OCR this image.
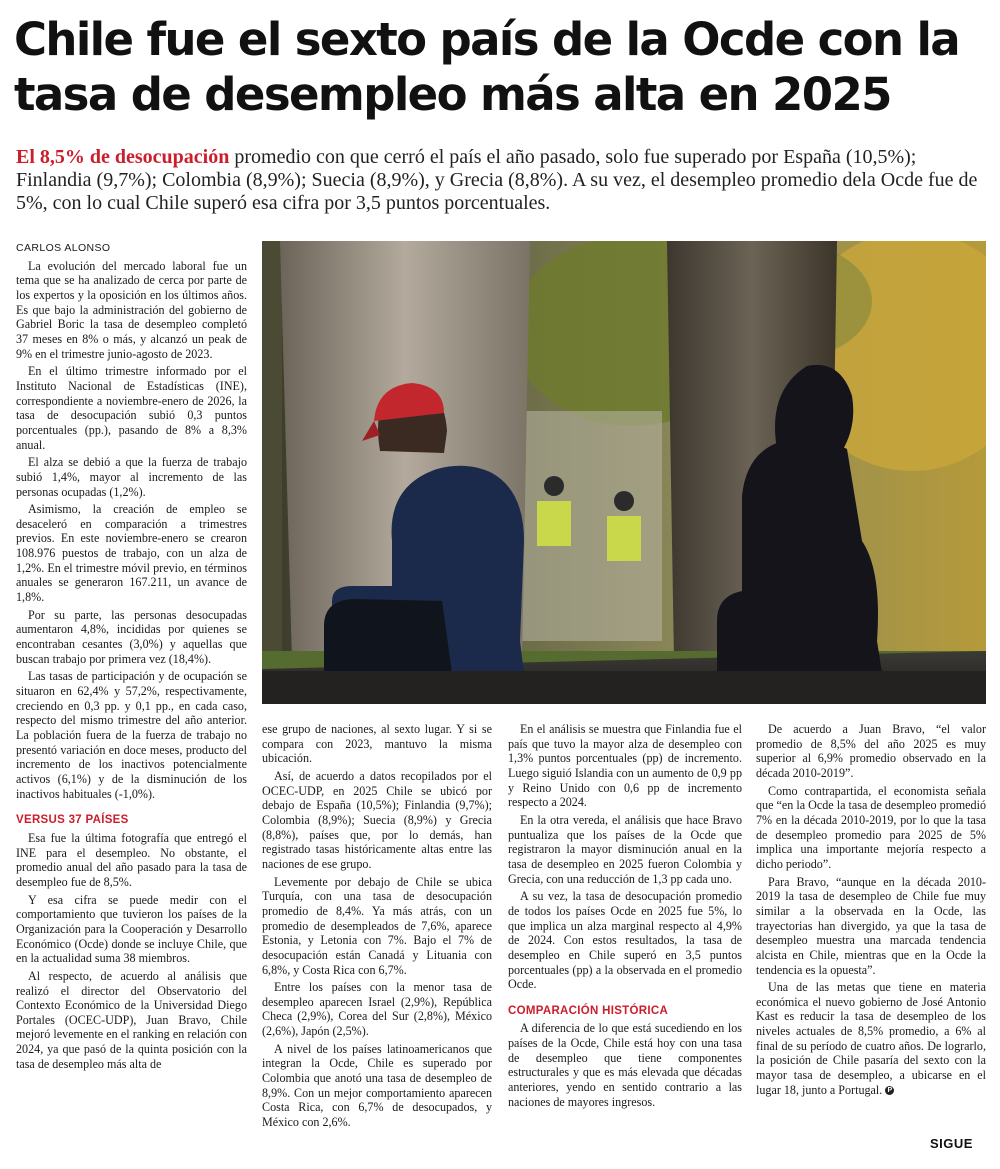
Chile fue el sexto país de la Ocde con la tasa de desempleo más alta en 2025

El 8,5% de desocupación promedio con que cerró el país el año pasado, solo fue superado por España (10,5%); Finlandia (9,7%); Colombia (8,9%); Suecia (8,9%), y Grecia (8,8%). A su vez, el desempleo promedio dela Ocde fue de 5%, con lo cual Chile superó esa cifra por 3,5 puntos porcentuales.

CARLOS ALONSO

La evolución del mercado laboral fue un tema que se ha analizado de cerca por parte de los expertos y la oposición en los últimos años. Es que bajo la administración del gobierno de Gabriel Boric la tasa de desempleo completó 37 meses en 8% o más, y alcanzó un peak de 9% en el trimestre junio-agosto de 2023.

En el último trimestre informado por el Instituto Nacional de Estadísticas (INE), correspondiente a noviembre-enero de 2026, la tasa de desocupación subió 0,3 puntos porcentuales (pp.), pasando de 8% a 8,3% anual.

El alza se debió a que la fuerza de trabajo subió 1,4%, mayor al incremento de las personas ocupadas (1,2%).

Asimismo, la creación de empleo se desaceleró en comparación a trimestres previos. En este noviembre-enero se crearon 108.976 puestos de trabajo, con un alza de 1,2%. En el trimestre móvil previo, en términos anuales se generaron 167.211, un avance de 1,8%.

Por su parte, las personas desocupadas aumentaron 4,8%, incididas por quienes se encontraban cesantes (3,0%) y aquellas que buscan trabajo por primera vez (18,4%).

Las tasas de participación y de ocupación se situaron en 62,4% y 57,2%, respectivamente, creciendo en 0,3 pp. y 0,1 pp., en cada caso, respecto del mismo trimestre del año anterior. La población fuera de la fuerza de trabajo no presentó variación en doce meses, producto del incremento de los inactivos potencialmente activos (6,1%) y de la disminución de los inactivos habituales (-1,0%).

VERSUS 37 PAÍSES

Esa fue la última fotografía que entregó el INE para el desempleo. No obstante, el promedio anual del año pasado para la tasa de desempleo fue de 8,5%.

Y esa cifra se puede medir con el comportamiento que tuvieron los países de la Organización para la Cooperación y Desarrollo Económico (Ocde) donde se incluye Chile, que en la actualidad suma 38 miembros.

Al respecto, de acuerdo al análisis que realizó el director del Observatorio del Contexto Económico de la Universidad Diego Portales (OCEC-UDP), Juan Bravo, Chile mejoró levemente en el ranking en relación con 2024, ya que pasó de la quinta posición con la tasa de desempleo más alta de

ese grupo de naciones, al sexto lugar. Y si se compara con 2023, mantuvo la misma ubicación.

Así, de acuerdo a datos recopilados por el OCEC-UDP, en 2025 Chile se ubicó por debajo de España (10,5%); Finlandia (9,7%); Colombia (8,9%); Suecia (8,9%) y Grecia (8,8%), países que, por lo demás, han registrado tasas históricamente altas entre las naciones de ese grupo.

Levemente por debajo de Chile se ubica Turquía, con una tasa de desocupación promedio de 8,4%. Ya más atrás, con un promedio de desempleados de 7,6%, aparece Estonia, y Letonia con 7%. Bajo el 7% de desocupación están Canadá y Lituania con 6,8%, y Costa Rica con 6,7%.

Entre los países con la menor tasa de desempleo aparecen Israel (2,9%), República Checa (2,9%), Corea del Sur (2,8%), México (2,6%), Japón (2,5%).

A nivel de los países latinoamericanos que integran la Ocde, Chile es superado por Colombia que anotó una tasa de desempleo de 8,9%. Con un mejor comportamiento aparecen Costa Rica, con 6,7% de desocupados, y México con 2,6%.

En el análisis se muestra que Finlandia fue el país que tuvo la mayor alza de desempleo con 1,3% puntos porcentuales (pp) de incremento. Luego siguió Islandia con un aumento de 0,9 pp y Reino Unido con 0,6 pp de incremento respecto a 2024.

En la otra vereda, el análisis que hace Bravo puntualiza que los países de la Ocde que registraron la mayor disminución anual en la tasa de desempleo en 2025 fueron Colombia y Grecia, con una reducción de 1,3 pp cada uno.

A su vez, la tasa de desocupación promedio de todos los países Ocde en 2025 fue 5%, lo que implica un alza marginal respecto al 4,9% de 2024. Con estos resultados, la tasa de desempleo en Chile superó en 3,5 puntos porcentuales (pp) a la observada en el promedio Ocde.

COMPARACIÓN HISTÓRICA

A diferencia de lo que está sucediendo en los países de la Ocde, Chile está hoy con una tasa de desempleo que tiene componentes estructurales y que es más elevada que décadas anteriores, yendo en sentido contrario a las naciones de mayores ingresos.

De acuerdo a Juan Bravo, “el valor promedio de 8,5% del año 2025 es muy superior al 6,9% promedio observado en la década 2010-2019”.

Como contrapartida, el economista señala que “en la Ocde la tasa de desempleo promedió 7% en la década 2010-2019, por lo que la tasa de desempleo promedio para 2025 de 5% implica una importante mejoría respecto a dicho periodo”.

Para Bravo, “aunque en la década 2010-2019 la tasa de desempleo de Chile fue muy similar a la observada en la Ocde, las trayectorias han divergido, ya que la tasa de desempleo muestra una marcada tendencia alcista en Chile, mientras que en la Ocde la tendencia es la opuesta”.

Una de las metas que tiene en materia económica el nuevo gobierno de José Antonio Kast es reducir la tasa de desempleo de los niveles actuales de 8,5% promedio, a 6% al final de su período de cuatro años. De lograrlo, la posición de Chile pasaría del sexto con la mayor tasa de desempleo, a ubicarse en el lugar 18, junto a Portugal. P

SIGUE
